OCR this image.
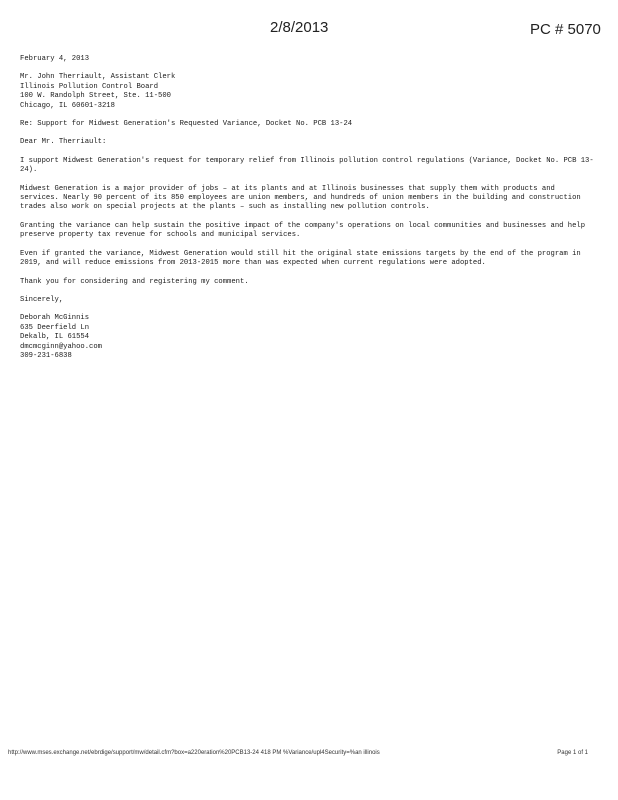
2/8/2013	PC # 5070

February 4, 2013

Mr. John Therriault, Assistant Clerk
Illinois Pollution Control Board
100 W. Randolph Street, Ste. 11-500
Chicago, IL 60601-3218

Re: Support for Midwest Generation's Requested Variance, Docket No. PCB 13-24

Dear Mr. Therriault:

I support Midwest Generation's request for temporary relief from Illinois pollution control regulations (Variance, Docket No. PCB 13-24).

Midwest Generation is a major provider of jobs – at its plants and at Illinois businesses that supply them with products and services. Nearly 90 percent of its 850 employees are union members, and hundreds of union members in the building and construction trades also work on special projects at the plants – such as installing new pollution controls.

Granting the variance can help sustain the positive impact of the company's operations on local communities and businesses and help preserve property tax revenue for schools and municipal services.

Even if granted the variance, Midwest Generation would still hit the original state emissions targets by the end of the program in 2019, and will reduce emissions from 2013-2015 more than was expected when current regulations were adopted.

Thank you for considering and registering my comment.

Sincerely,

Deborah McGinnis
635 Deerfield Ln
Dekalb, IL 61554
dmcmcginn@yahoo.com
309-231-6838

http://www.mses.exchange.net/ebrdige/support/mw/detail.cfm?box=a220eration%20PCB13-24 418 PM %Variance/upl4Security=%an illinois	Page 1 of 1
